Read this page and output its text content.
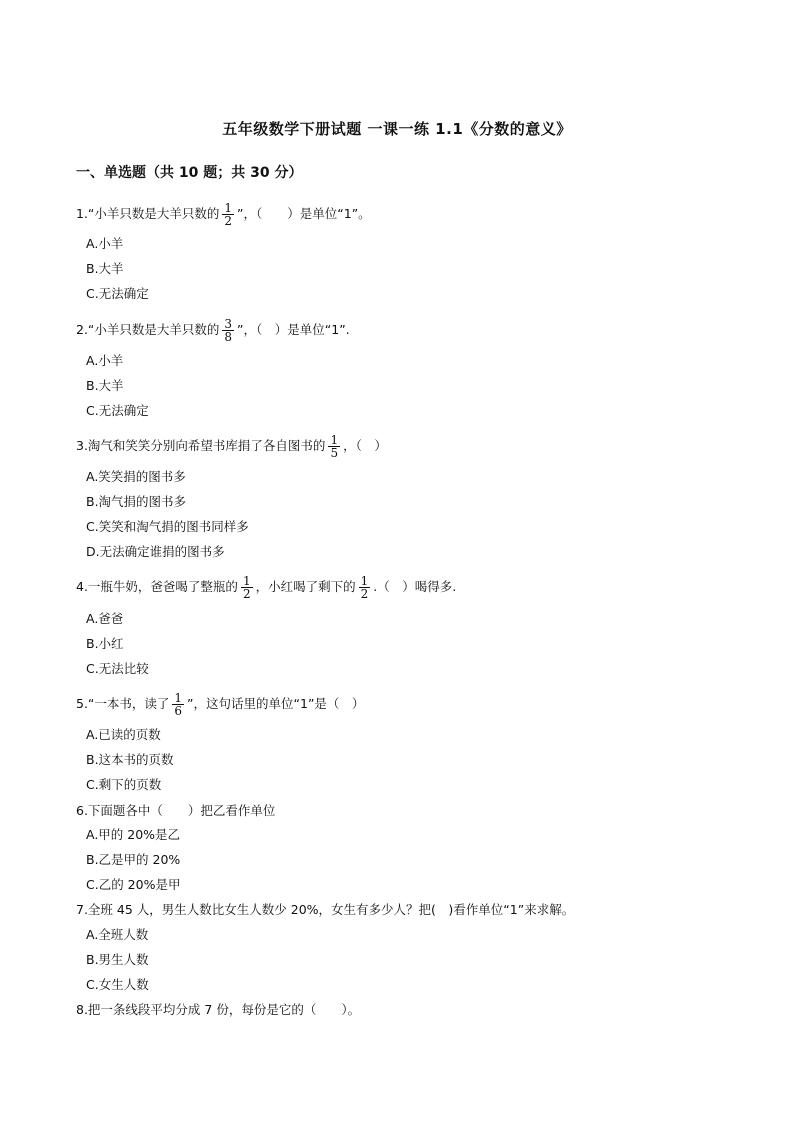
五年级数学下册试题 一课一练 1.1《分数的意义》
一、单选题（共 10 题；共 30 分）
1.“小羊只数是大羊只数的 $\frac{1}{2}$ ”，（　　）是单位“1”。
A.小羊
B.大羊
C.无法确定
2.“小羊只数是大羊只数的 $\frac{3}{8}$ ”，（　）是单位“1”.
A.小羊
B.大羊
C.无法确定
3.淘气和笑笑分别向希望书库捐了各自图书的 $\frac{1}{5}$ ，（　）
A.笑笑捐的图书多
B.淘气捐的图书多
C.笑笑和淘气捐的图书同样多
D.无法确定谁捐的图书多
4.一瓶牛奶，爸爸喝了整瓶的 $\frac{1}{2}$ ，小红喝了剩下的 $\frac{1}{2}$ .（　）喝得多.
A.爸爸
B.小红
C.无法比较
5.“一本书，读了 $\frac{1}{6}$ ”，这句话里的单位“1”是（　）
A.已读的页数
B.这本书的页数
C.剩下的页数
6.下面题各中（　　）把乙看作单位
A.甲的 20%是乙
B.乙是甲的 20%
C.乙的 20%是甲
7.全班 45 人，男生人数比女生人数少 20%，女生有多少人？把(　)看作单位“1”来求解。
A.全班人数
B.男生人数
C.女生人数
8.把一条线段平均分成 7 份，每份是它的（　　）。
